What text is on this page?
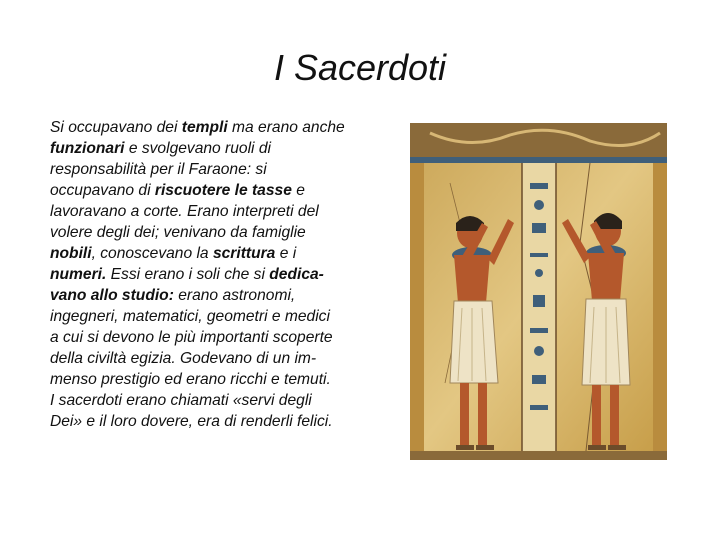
I Sacerdoti
Si occupavano dei templi ma erano anche
funzionari e svolgevano ruoli di
responsabilità per il Faraone: si
occupavano di riscuotere le tasse e
lavoravano a corte. Erano interpreti del
volere degli dei; venivano da famiglie
nobili, conoscevano la scrittura e i
numeri. Essi erano i soli che si dedica-
vano allo studio: erano astronomi,
ingegneri, matematici, geometri e medici
a cui si devono le più importanti scoperte
della civiltà egizia. Godevano di un im-
menso prestigio ed erano ricchi e temuti.
I sacerdoti erano chiamati «servi degli
Dei» e il loro dovere, era di renderli felici.
